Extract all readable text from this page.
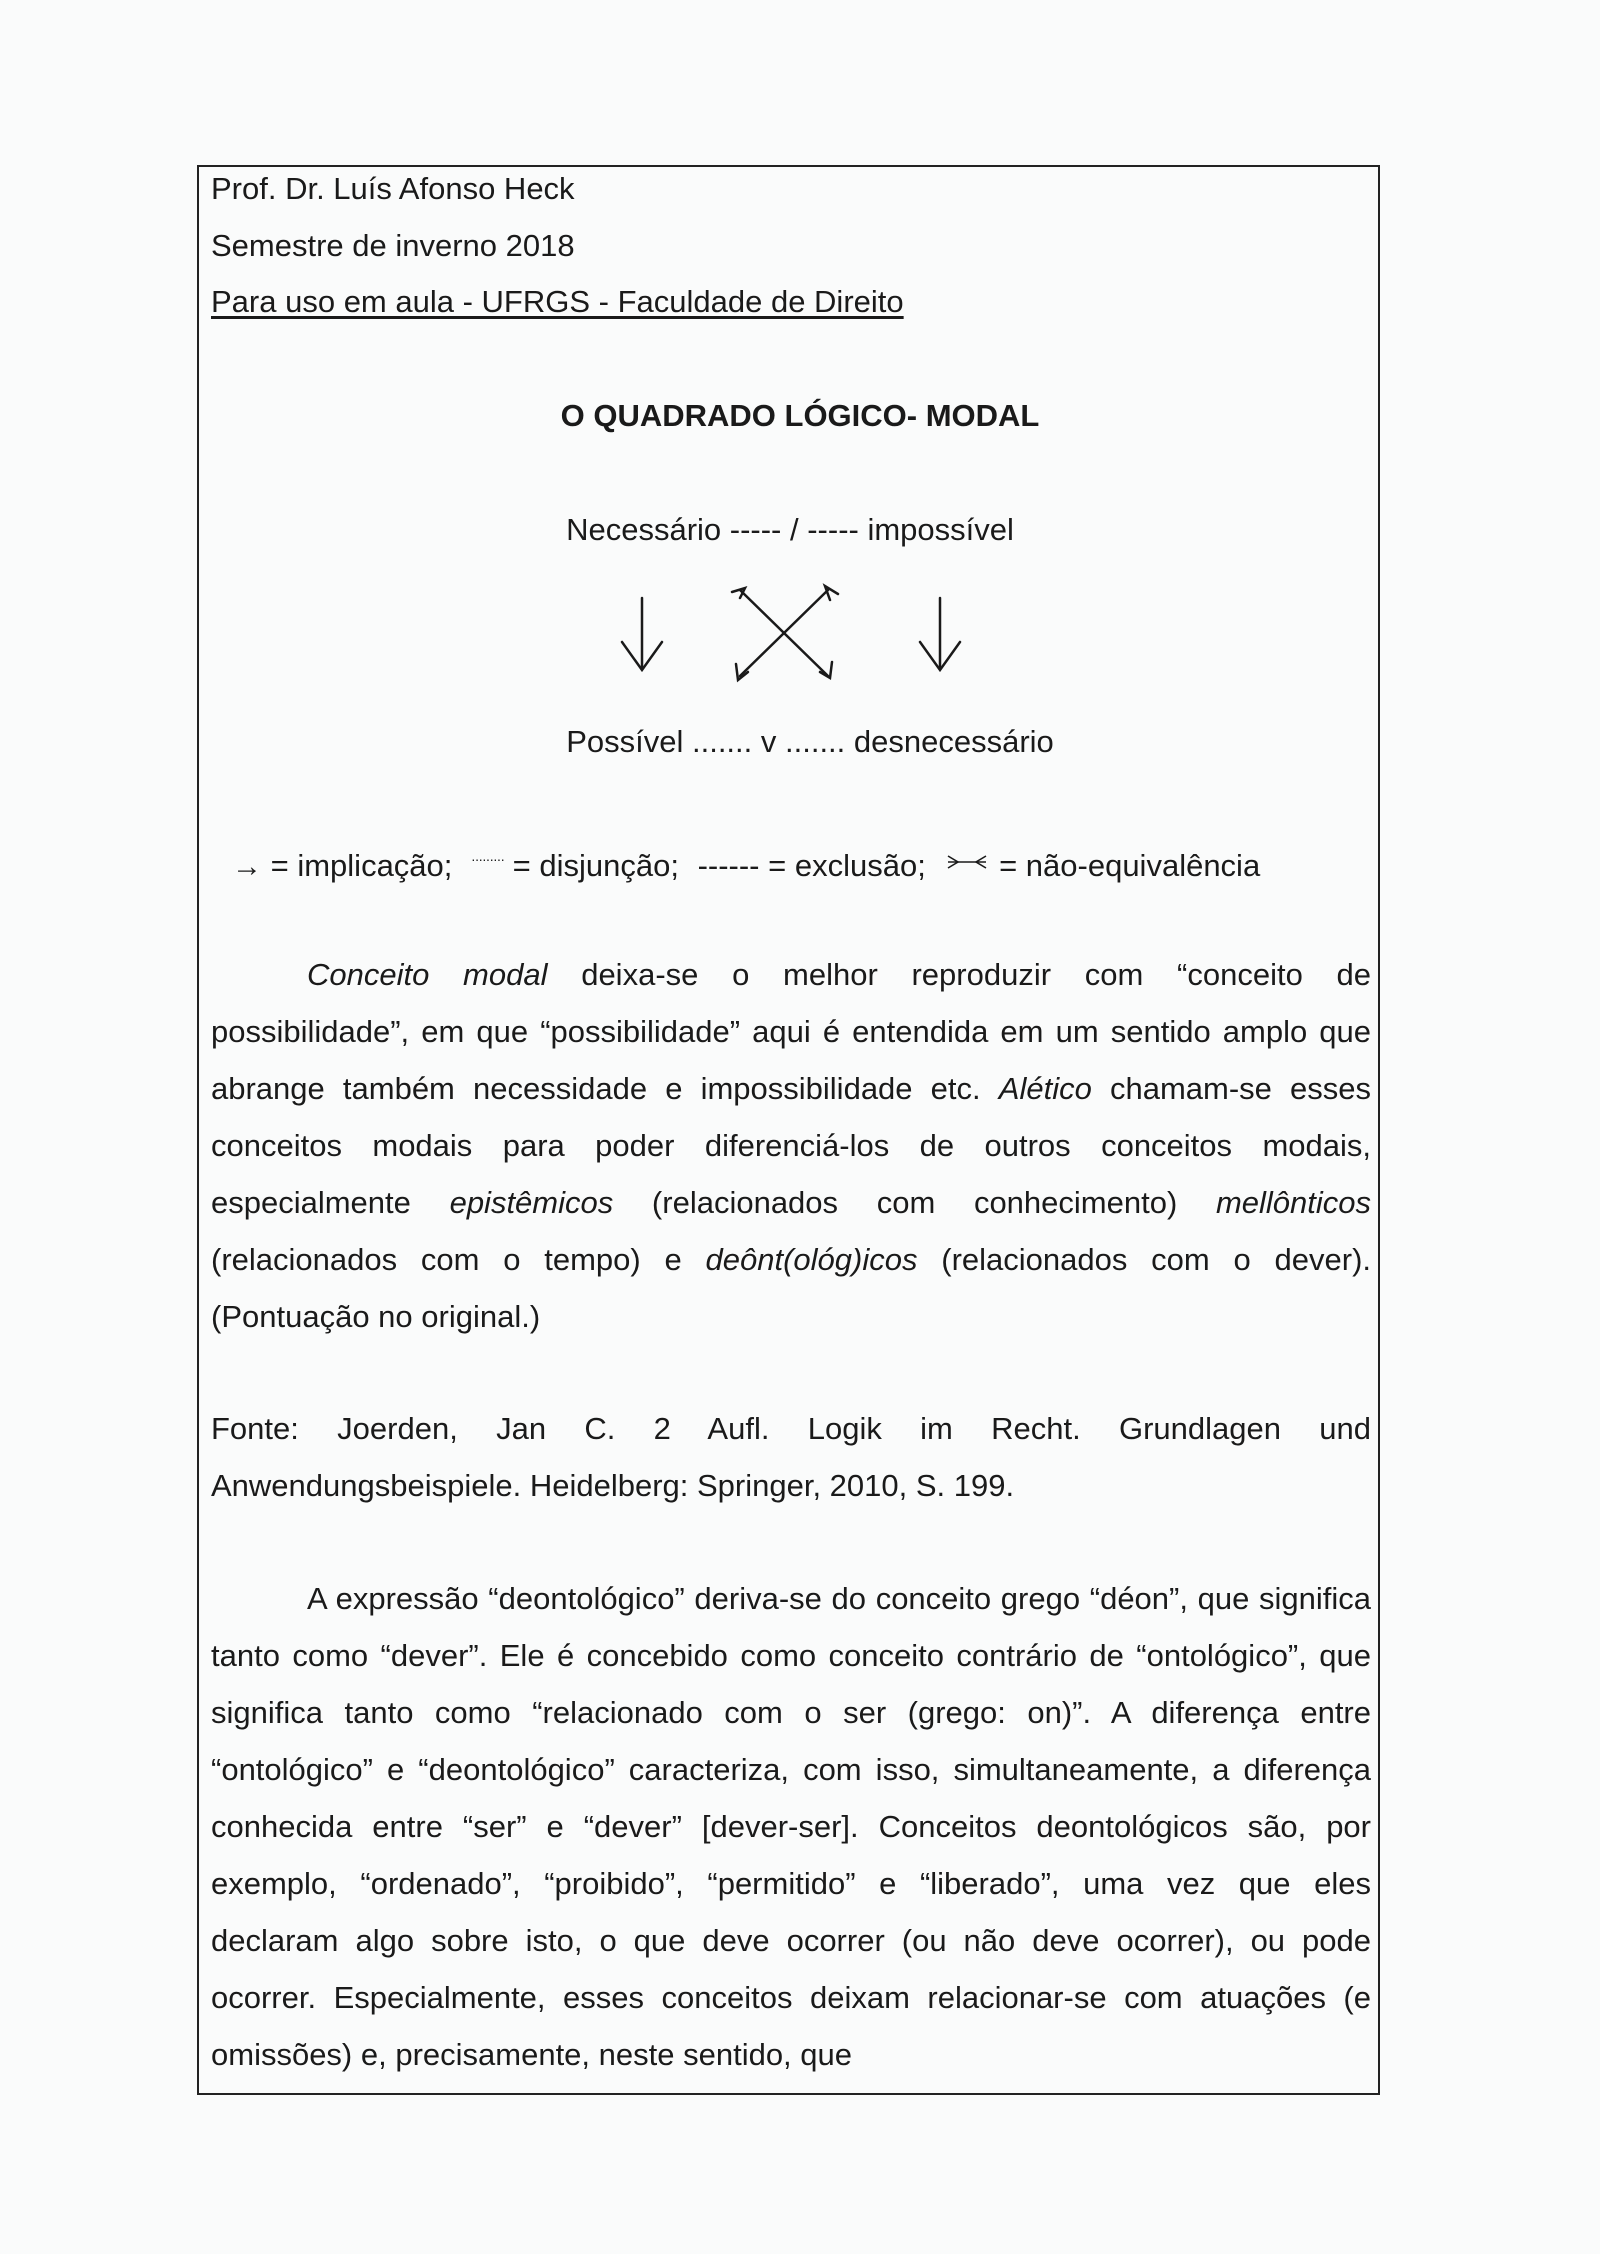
Prof. Dr. Luís Afonso Heck
Semestre de inverno 2018
Para uso em aula - UFRGS - Faculdade de Direito
O QUADRADO LÓGICO- MODAL
Necessário ----- / ----- impossível
Possível ....... v ....... desnecessário
→ = implicação; ········· = disjunção; ------ = exclusão; = não-equivalência

Conceito modal deixa-se o melhor reproduzir com “conceito de possibilidade”, em que “possibilidade” aqui é entendida em um sentido amplo que abrange também necessidade e impossibilidade etc. Alético chamam-se esses conceitos modais para poder diferenciá-los de outros conceitos modais, especialmente epistêmicos (relacionados com conhecimento) mellônticos (relacionados com o tempo) e deônt(ológ)icos (relacionados com o dever). (Pontuação no original.)

Fonte: Joerden, Jan C. 2 Aufl. Logik im Recht. Grundlagen und Anwendungsbeispiele. Heidelberg: Springer, 2010, S. 199.

A expressão “deontológico” deriva-se do conceito grego “déon”, que significa tanto como “dever”. Ele é concebido como conceito contrário de “ontológico”, que significa tanto como “relacionado com o ser (grego: on)”. A diferença entre “ontológico” e “deontológico” caracteriza, com isso, simultaneamente, a diferença conhecida entre “ser” e “dever” [dever-ser]. Conceitos deontológicos são, por exemplo, “ordenado”, “proibido”, “permitido” e “liberado”, uma vez que eles declaram algo sobre isto, o que deve ocorrer (ou não deve ocorrer), ou pode ocorrer. Especialmente, esses conceitos deixam relacionar-se com atuações (e omissões) e, precisamente, neste sentido, que
